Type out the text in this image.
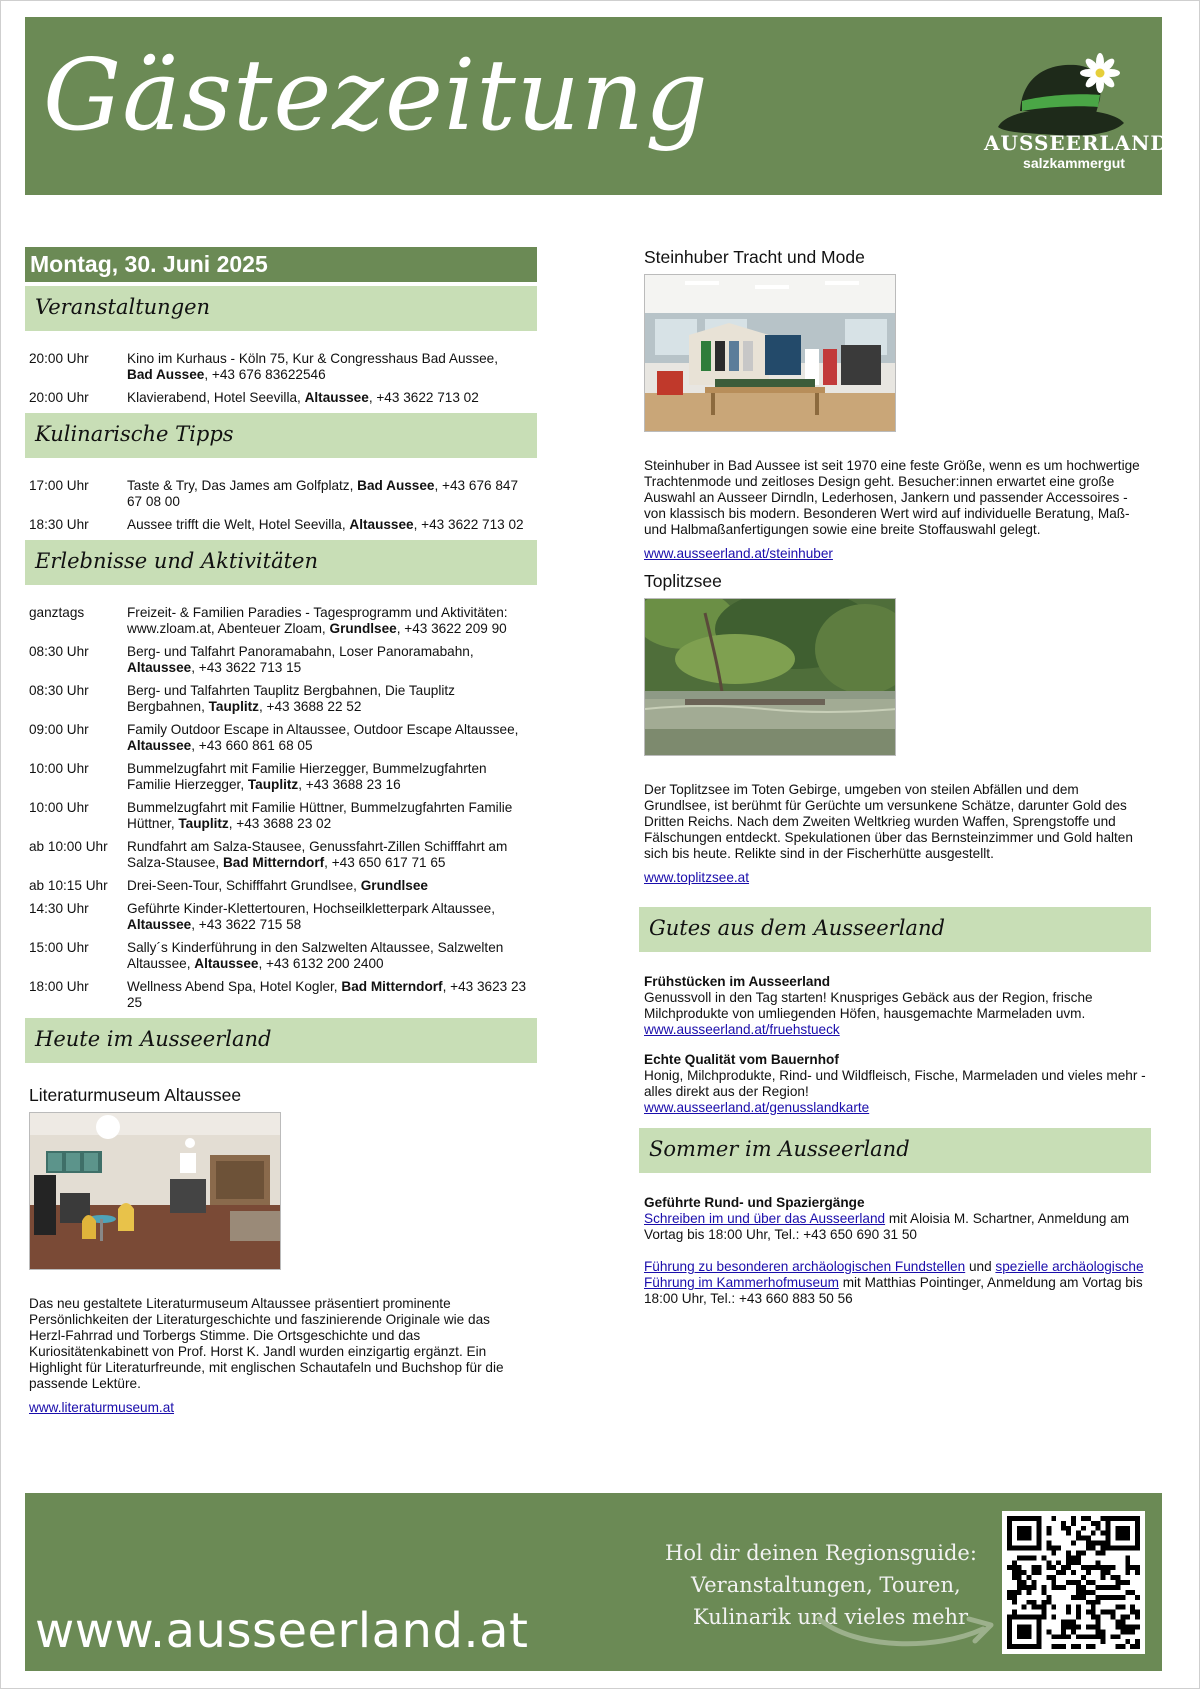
Gästezeitung	AUSSEERLAND
salzkammergut
Montag, 30. Juni 2025
Veranstaltungen
20:00 Uhr	Kino im Kurhaus - Köln 75, Kur & Congresshaus Bad Aussee, Bad Aussee, +43 676 83622546
20:00 Uhr	Klavierabend, Hotel Seevilla, Altaussee, +43 3622 713 02
Kulinarische Tipps
17:00 Uhr	Taste & Try, Das James am Golfplatz, Bad Aussee, +43 676 847 67 08 00
18:30 Uhr	Aussee trifft die Welt, Hotel Seevilla, Altaussee, +43 3622 713 02
Erlebnisse und Aktivitäten
ganztags	Freizeit- & Familien Paradies - Tagesprogramm und Aktivitäten: www.zloam.at, Abenteuer Zloam, Grundlsee, +43 3622 209 90
08:30 Uhr	Berg- und Talfahrt Panoramabahn, Loser Panoramabahn, Altaussee, +43 3622 713 15
08:30 Uhr	Berg- und Talfahrten Tauplitz Bergbahnen, Die Tauplitz Bergbahnen, Tauplitz, +43 3688 22 52
09:00 Uhr	Family Outdoor Escape in Altaussee, Outdoor Escape Altaussee, Altaussee, +43 660 861 68 05
10:00 Uhr	Bummelzugfahrt mit Familie Hierzegger, Bummelzugfahrten Familie Hierzegger, Tauplitz, +43 3688 23 16
10:00 Uhr	Bummelzugfahrt mit Familie Hüttner, Bummelzugfahrten Familie Hüttner, Tauplitz, +43 3688 23 02
ab 10:00 Uhr	Rundfahrt am Salza-Stausee, Genussfahrt-Zillen Schifffahrt am Salza-Stausee, Bad Mitterndorf, +43 650 617 71 65
ab 10:15 Uhr	Drei-Seen-Tour, Schifffahrt Grundlsee, Grundlsee
14:30 Uhr	Geführte Kinder-Klettertouren, Hochseilkletterpark Altaussee, Altaussee, +43 3622 715 58
15:00 Uhr	Sally´s Kinderführung in den Salzwelten Altaussee, Salzwelten Altaussee, Altaussee, +43 6132 200 2400
18:00 Uhr	Wellness Abend Spa, Hotel Kogler, Bad Mitterndorf, +43 3623 23 25
Heute im Ausseerland
Literaturmuseum Altaussee
Das neu gestaltete Literaturmuseum Altaussee präsentiert prominente Persönlichkeiten der Literaturgeschichte und faszinierende Originale wie das Herzl-Fahrrad und Torbergs Stimme. Die Ortsgeschichte und das Kuriositätenkabinett von Prof. Horst K. Jandl wurden einzigartig ergänzt. Ein Highlight für Literaturfreunde, mit englischen Schautafeln und Buchshop für die passende Lektüre.
www.literaturmuseum.at
Steinhuber Tracht und Mode
Steinhuber in Bad Aussee ist seit 1970 eine feste Größe, wenn es um hochwertige Trachtenmode und zeitloses Design geht. Besucher:innen erwartet eine große Auswahl an Ausseer Dirndln, Lederhosen, Jankern und passender Accessoires - von klassisch bis modern. Besonderen Wert wird auf individuelle Beratung, Maß- und Halbmaßanfertigungen sowie eine breite Stoffauswahl gelegt.
www.ausseerland.at/steinhuber
Toplitzsee
Der Toplitzsee im Toten Gebirge, umgeben von steilen Abfällen und dem Grundlsee, ist berühmt für Gerüchte um versunkene Schätze, darunter Gold des Dritten Reichs. Nach dem Zweiten Weltkrieg wurden Waffen, Sprengstoffe und Fälschungen entdeckt. Spekulationen über das Bernsteinzimmer und Gold halten sich bis heute. Relikte sind in der Fischerhütte ausgestellt.
www.toplitzsee.at
Gutes aus dem Ausseerland
Frühstücken im Ausseerland
Genussvoll in den Tag starten! Knuspriges Gebäck aus der Region, frische Milchprodukte von umliegenden Höfen, hausgemachte Marmeladen uvm.
www.ausseerland.at/fruehstueck
Echte Qualität vom Bauernhof
Honig, Milchprodukte, Rind- und Wildfleisch, Fische, Marmeladen und vieles mehr - alles direkt aus der Region!
www.ausseerland.at/genusslandkarte
Sommer im Ausseerland
Geführte Rund- und Spaziergänge
Schreiben im und über das Ausseerland mit Aloisia M. Schartner, Anmeldung am Vortag bis 18:00 Uhr, Tel.: +43 650 690 31 50
Führung zu besonderen archäologischen Fundstellen und spezielle archäologische Führung im Kammerhofmuseum mit Matthias Pointinger, Anmeldung am Vortag bis 18:00 Uhr, Tel.: +43 660 883 50 56
www.ausseerland.at
Hol dir deinen Regionsguide:
Veranstaltungen, Touren,
Kulinarik und vieles mehr
